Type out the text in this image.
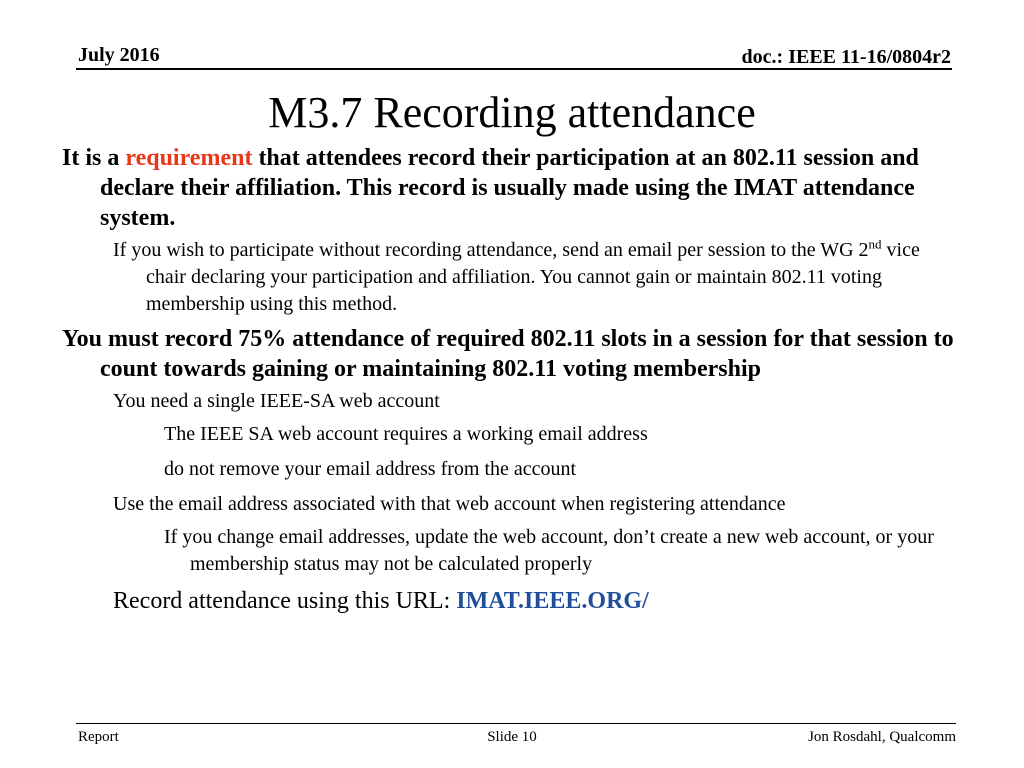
July 2016	doc.: IEEE 11-16/0804r2
M3.7 Recording attendance

It is a requirement that attendees record their participation at an 802.11 session and declare their affiliation. This record is usually made using the IMAT attendance system.

If you wish to participate without recording attendance, send an email per session to the WG 2nd vice chair declaring your participation and affiliation. You cannot gain or maintain 802.11 voting membership using this method.

You must record 75% attendance of required 802.11 slots in a session for that session to count towards gaining or maintaining 802.11 voting membership

You need a single IEEE-SA web account

The IEEE SA web account requires a working email address

do not remove your email address from the account

Use the email address associated with that web account when registering attendance

If you change email addresses, update the web account, don’t create a new web account, or your membership status may not be calculated properly

Record attendance using this URL: IMAT.IEEE.ORG/

Report	Slide 10	Jon Rosdahl, Qualcomm
